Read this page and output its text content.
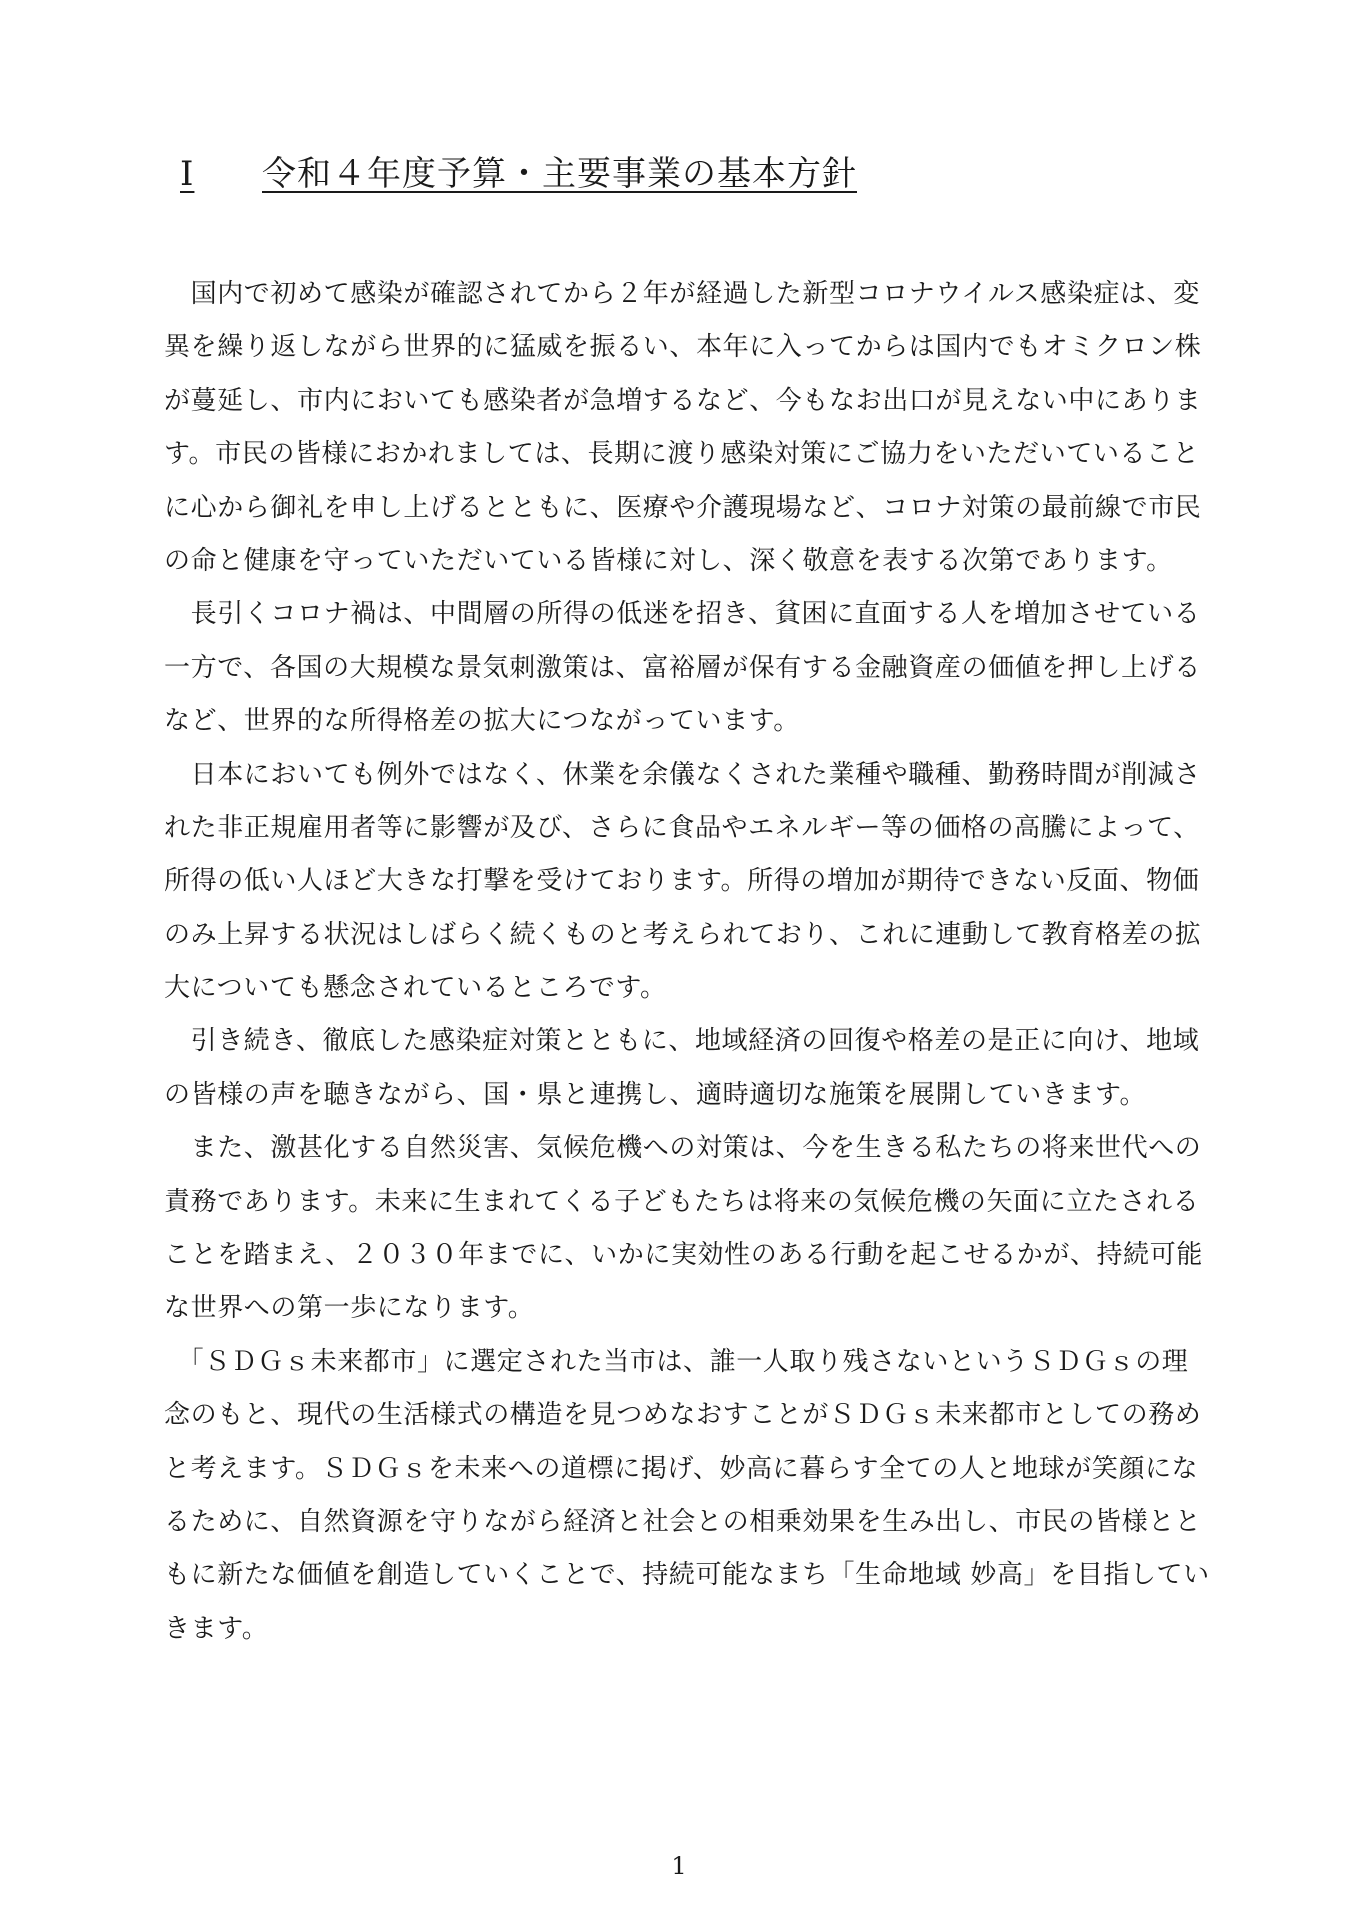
Ⅰ	令和４年度予算・主要事業の基本方針
　国内で初めて感染が確認されてから２年が経過した新型コロナウイルス感染症は、変
異を繰り返しながら世界的に猛威を振るい、本年に入ってからは国内でもオミクロン株
が蔓延し、市内においても感染者が急増するなど、今もなお出口が見えない中にありま
す。市民の皆様におかれましては、長期に渡り感染対策にご協力をいただいていること
に心から御礼を申し上げるとともに、医療や介護現場など、コロナ対策の最前線で市民
の命と健康を守っていただいている皆様に対し、深く敬意を表する次第であります。
　長引くコロナ禍は、中間層の所得の低迷を招き、貧困に直面する人を増加させている
一方で、各国の大規模な景気刺激策は、富裕層が保有する金融資産の価値を押し上げる
など、世界的な所得格差の拡大につながっています。
　日本においても例外ではなく、休業を余儀なくされた業種や職種、勤務時間が削減さ
れた非正規雇用者等に影響が及び、さらに食品やエネルギー等の価格の高騰によって、
所得の低い人ほど大きな打撃を受けております。所得の増加が期待できない反面、物価
のみ上昇する状況はしばらく続くものと考えられており、これに連動して教育格差の拡
大についても懸念されているところです。
　引き続き、徹底した感染症対策とともに、地域経済の回復や格差の是正に向け、地域
の皆様の声を聴きながら、国・県と連携し、適時適切な施策を展開していきます。
　また、激甚化する自然災害、気候危機への対策は、今を生きる私たちの将来世代への
責務であります。未来に生まれてくる子どもたちは将来の気候危機の矢面に立たされる
ことを踏まえ、２０３０年までに、いかに実効性のある行動を起こせるかが、持続可能
な世界への第一歩になります。
　「ＳＤＧｓ未来都市」に選定された当市は、誰一人取り残さないというＳＤＧｓの理
念のもと、現代の生活様式の構造を見つめなおすことがＳＤＧｓ未来都市としての務め
と考えます。ＳＤＧｓを未来への道標に掲げ、妙高に暮らす全ての人と地球が笑顔にな
るために、自然資源を守りながら経済と社会との相乗効果を生み出し、市民の皆様とと
もに新たな価値を創造していくことで、持続可能なまち「生命地域 妙高」を目指してい
きます。
1
